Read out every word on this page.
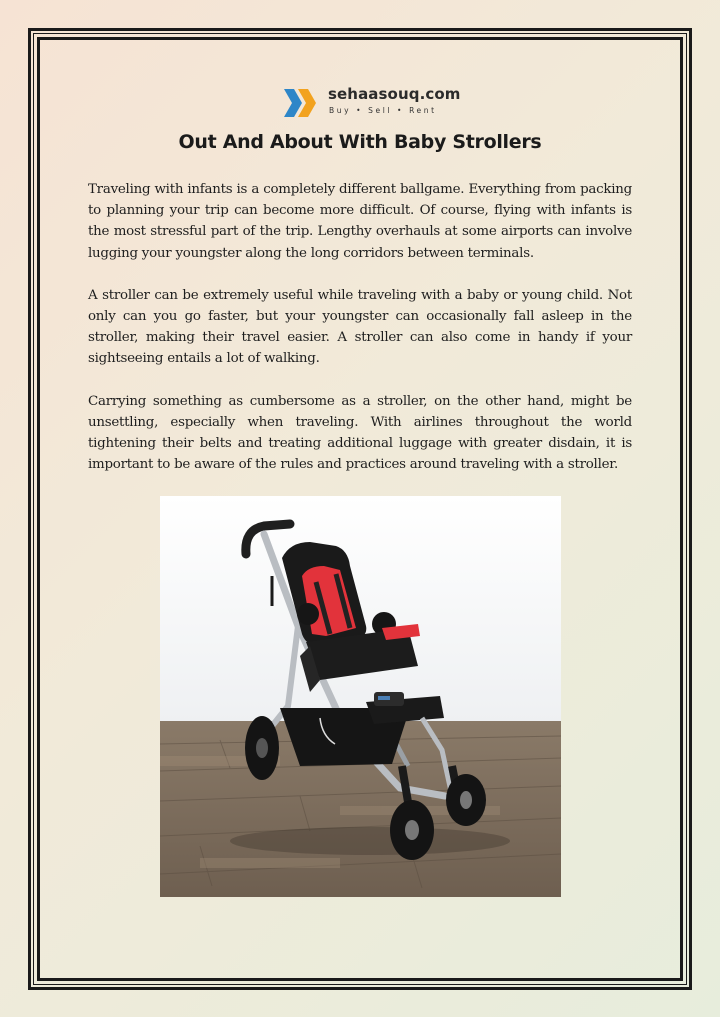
sehaasouq.com
Buy • Sell • Rent
Out And About With Baby Strollers

Traveling with infants is a completely different ballgame. Everything from packing to planning your trip can become more difficult. Of course, flying with infants is the most stressful part of the trip. Lengthy overhauls at some airports can involve lugging your youngster along the long corridors between terminals.

A stroller can be extremely useful while traveling with a baby or young child. Not only can you go faster, but your youngster can occasionally fall asleep in the stroller, making their travel easier. A stroller can also come in handy if your sightseeing entails a lot of walking.

Carrying something as cumbersome as a stroller, on the other hand, might be unsettling, especially when traveling. With airlines throughout the world tightening their belts and treating additional luggage with greater disdain, it is important to be aware of the rules and practices around traveling with a stroller.
